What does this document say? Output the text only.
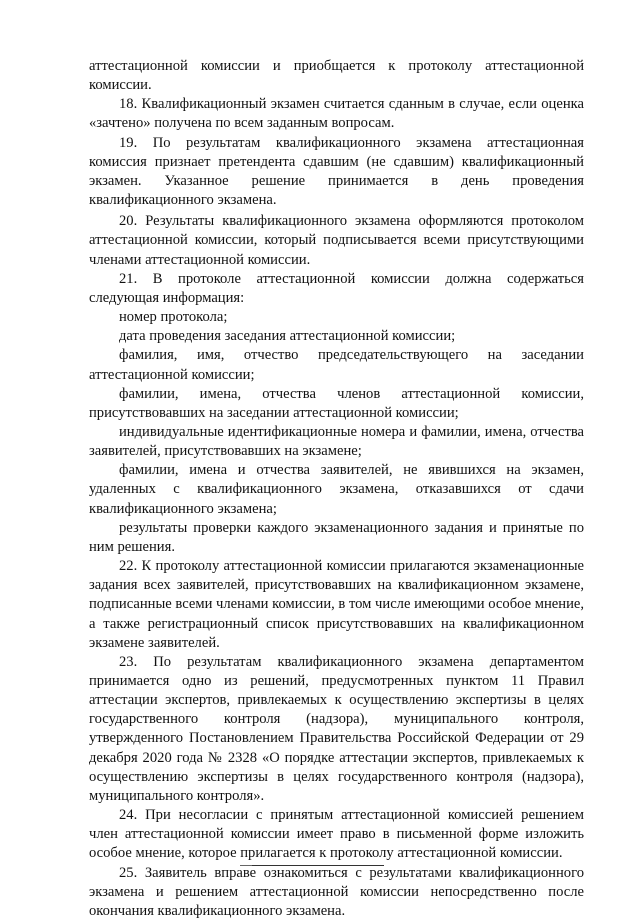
аттестационной комиссии и приобщается к протоколу аттестационной комиссии.

18. Квалификационный экзамен считается сданным в случае, если оценка «зачтено» получена по всем заданным вопросам.

19. По результатам квалификационного экзамена аттестационная комиссия признает претендента сдавшим (не сдавшим) квалификационный экзамен. Указанное решение принимается в день проведения квалификационного экзамена.

20. Результаты квалификационного экзамена оформляются протоколом аттестационной комиссии, который подписывается всеми присутствующими членами аттестационной комиссии.

21. В протоколе аттестационной комиссии должна содержаться следующая информация:

номер протокола;

дата проведения заседания аттестационной комиссии;

фамилия, имя, отчество председательствующего на заседании аттестационной комиссии;

фамилии, имена, отчества членов аттестационной комиссии, присутствовавших на заседании аттестационной комиссии;

индивидуальные идентификационные номера и фамилии, имена, отчества заявителей, присутствовавших на экзамене;

фамилии, имена и отчества заявителей, не явившихся на экзамен, удаленных с квалификационного экзамена, отказавшихся от сдачи квалификационного экзамена;

результаты проверки каждого экзаменационного задания и принятые по ним решения.

22. К протоколу аттестационной комиссии прилагаются экзаменационные задания всех заявителей, присутствовавших на квалификационном экзамене, подписанные всеми членами комиссии, в том числе имеющими особое мнение, а также регистрационный список присутствовавших на квалификационном экзамене заявителей.

23. По результатам квалификационного экзамена департаментом принимается одно из решений, предусмотренных пунктом 11 Правил аттестации экспертов, привлекаемых к осуществлению экспертизы в целях государственного контроля (надзора), муниципального контроля, утвержденного Постановлением Правительства Российской Федерации от 29 декабря 2020 года № 2328 «О порядке аттестации экспертов, привлекаемых к осуществлению экспертизы в целях государственного контроля (надзора), муниципального контроля».

24. При несогласии с принятым аттестационной комиссией решением член аттестационной комиссии имеет право в письменной форме изложить особое мнение, которое прилагается к протоколу аттестационной комиссии.

25. Заявитель вправе ознакомиться с результатами квалификационного экзамена и решением аттестационной комиссии непосредственно после окончания квалификационного экзамена.
